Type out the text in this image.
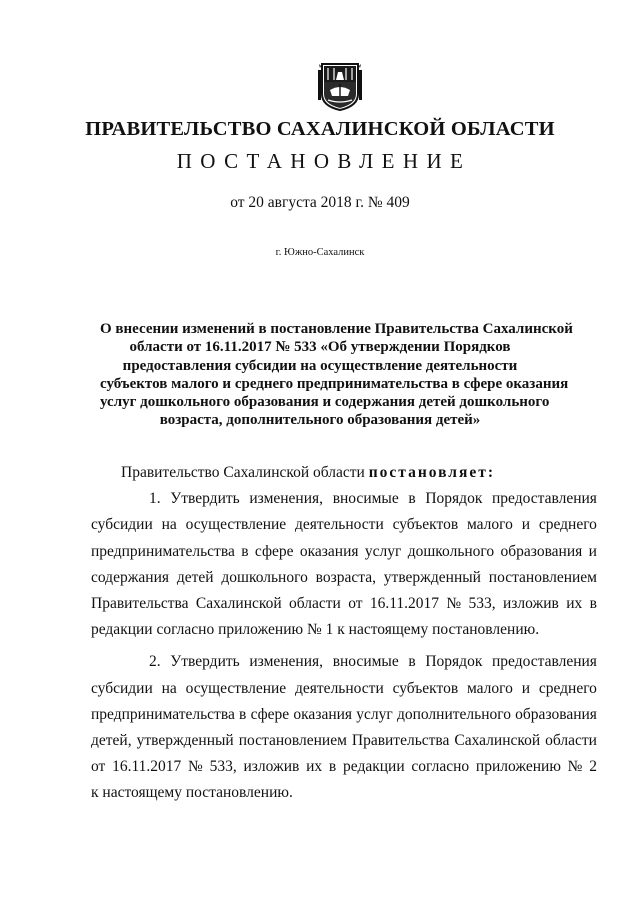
ПРАВИТЕЛЬСТВО САХАЛИНСКОЙ ОБЛАСТИ
ПОСТАНОВЛЕНИЕ
от 20 августа 2018 г. № 409
г. Южно-Сахалинск
О внесении изменений в постановление Правительства Сахалинской
области от 16.11.2017 № 533 «Об утверждении Порядков
предоставления субсидии на осуществление деятельности
субъектов малого и среднего предпринимательства в сфере оказания
услуг дошкольного образования и содержания детей дошкольного
возраста, дополнительного образования детей»
Правительство Сахалинской области постановляет:
1. Утвердить изменения, вносимые в Порядок предоставления
субсидии на осуществление деятельности субъектов малого и среднего
предпринимательства в сфере оказания услуг дошкольного образования и
содержания детей дошкольного возраста, утвержденный постановлением
Правительства Сахалинской области от 16.11.2017 № 533, изложив их в
редакции согласно приложению № 1 к настоящему постановлению.
2. Утвердить изменения, вносимые в Порядок предоставления
субсидии на осуществление деятельности субъектов малого и среднего
предпринимательства в сфере оказания услуг дополнительного образования
детей, утвержденный постановлением Правительства Сахалинской области
от 16.11.2017 № 533, изложив их в редакции согласно приложению № 2
к настоящему постановлению.
